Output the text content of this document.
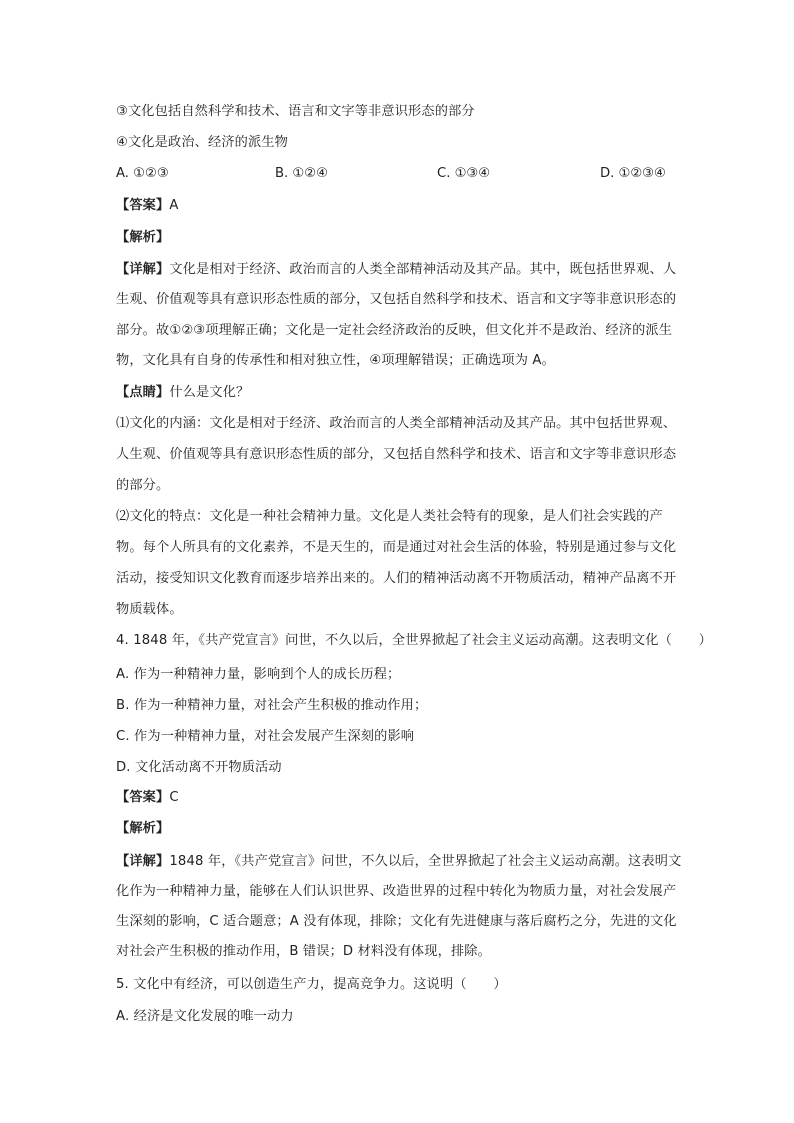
③文化包括自然科学和技术、语言和文字等非意识形态的部分
④文化是政治、经济的派生物
A. ①②③	B. ①②④	C. ①③④	D. ①②③④
【答案】A
【解析】
【详解】文化是相对于经济、政治而言的人类全部精神活动及其产品。其中，既包括世界观、人
生观、价值观等具有意识形态性质的部分，又包括自然科学和技术、语言和文字等非意识形态的
部分。故①②③项理解正确；文化是一定社会经济政治的反映，但文化并不是政治、经济的派生
物，文化具有自身的传承性和相对独立性，④项理解错误；正确选项为 A。
【点睛】什么是文化？
⑴文化的内涵：文化是相对于经济、政治而言的人类全部精神活动及其产品。其中包括世界观、
人生观、价值观等具有意识形态性质的部分，又包括自然科学和技术、语言和文字等非意识形态
的部分。
⑵文化的特点：文化是一种社会精神力量。文化是人类社会特有的现象，是人们社会实践的产
物。每个人所具有的文化素养，不是天生的，而是通过对社会生活的体验，特别是通过参与文化
活动，接受知识文化教育而逐步培养出来的。人们的精神活动离不开物质活动，精神产品离不开
物质载体。
4. 1848 年，《共产党宣言》问世，不久以后，全世界掀起了社会主义运动高潮。这表明文化（　　）
A. 作为一种精神力量，影响到个人的成长历程；
B. 作为一种精神力量，对社会产生积极的推动作用；
C. 作为一种精神力量，对社会发展产生深刻的影响
D. 文化活动离不开物质活动
【答案】C
【解析】
【详解】1848 年，《共产党宣言》问世，不久以后，全世界掀起了社会主义运动高潮。这表明文
化作为一种精神力量，能够在人们认识世界、改造世界的过程中转化为物质力量，对社会发展产
生深刻的影响，C 适合题意；A 没有体现，排除；文化有先进健康与落后腐朽之分，先进的文化
对社会产生积极的推动作用，B 错误；D 材料没有体现，排除。
5. 文化中有经济，可以创造生产力，提高竞争力。这说明（　　）
A. 经济是文化发展的唯一动力
